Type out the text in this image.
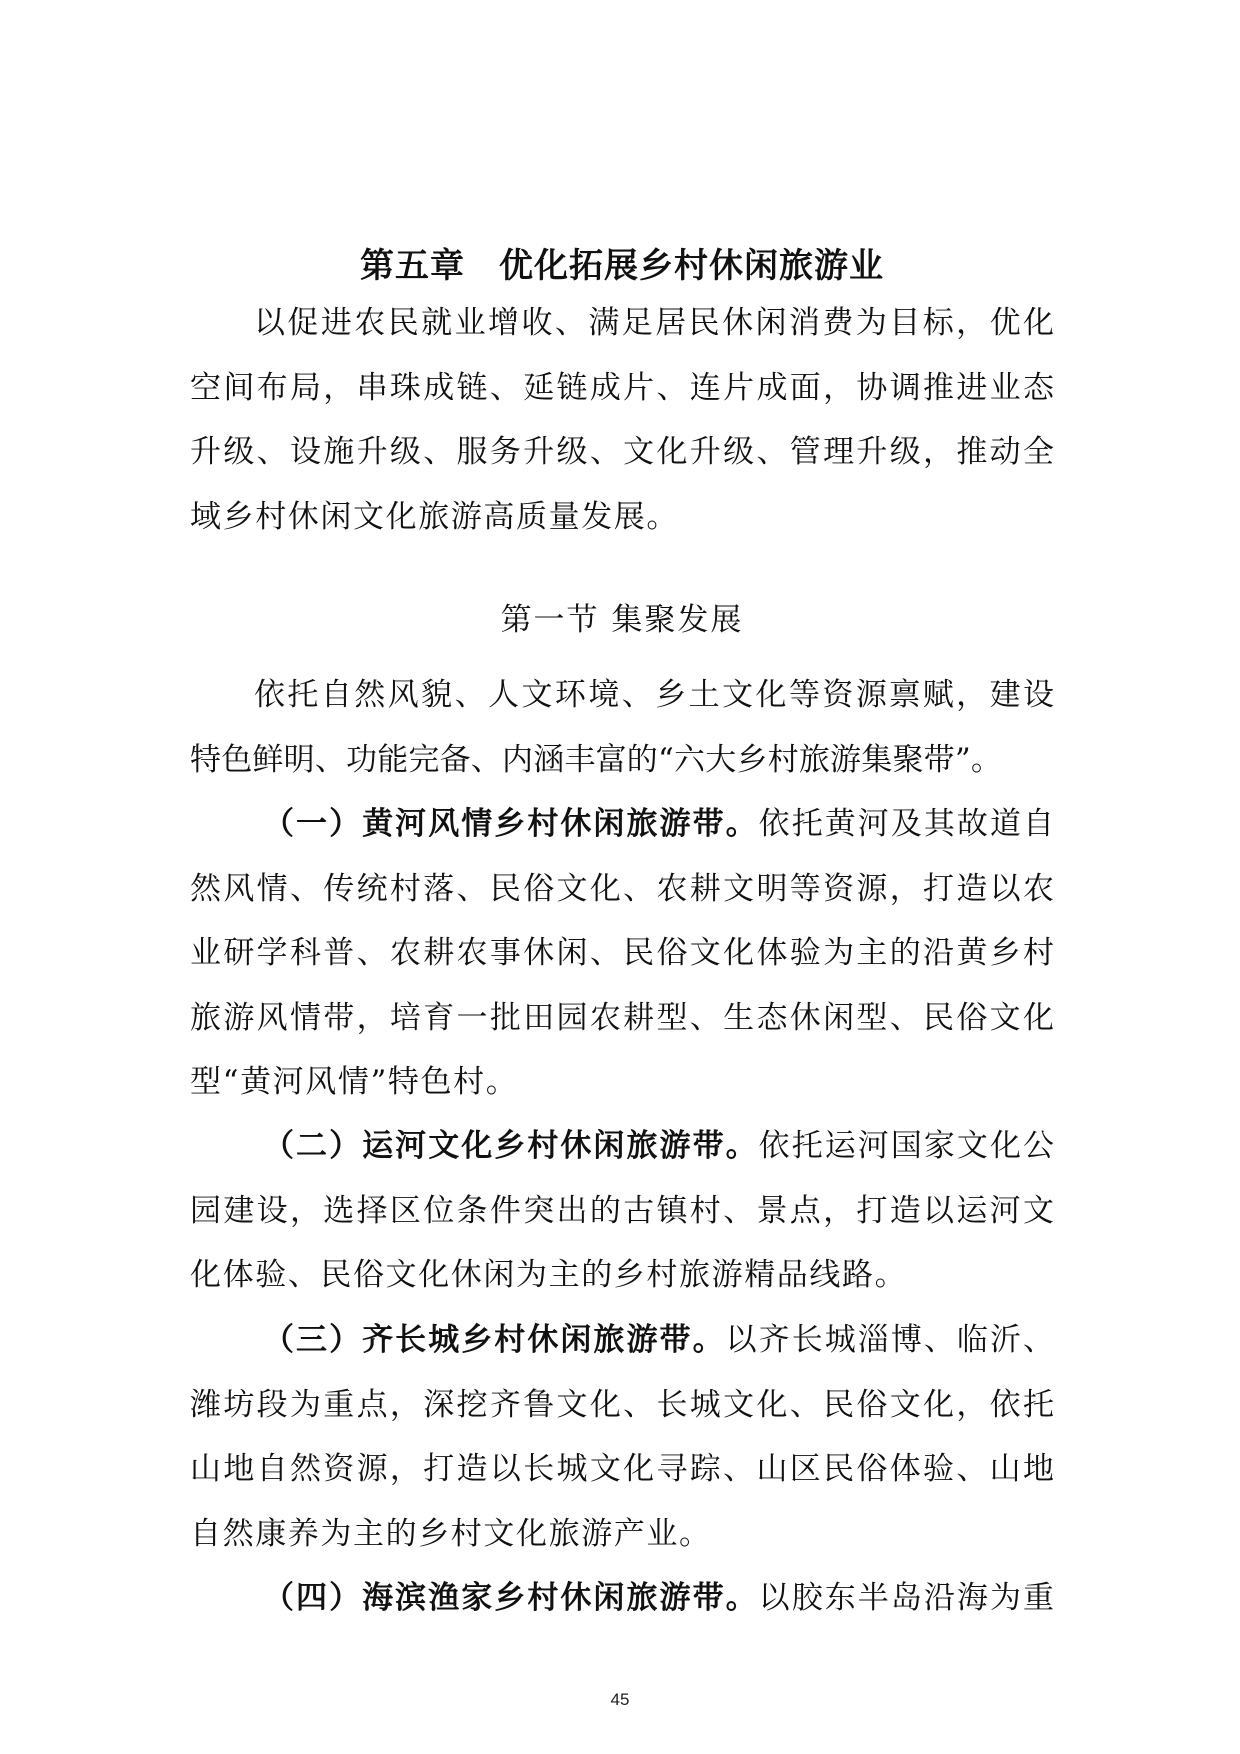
第五章 优化拓展乡村休闲旅游业
以促进农民就业增收、满足居民休闲消费为目标，优化
空间布局，串珠成链、延链成片、连片成面，协调推进业态
升级、设施升级、服务升级、文化升级、管理升级，推动全
域乡村休闲文化旅游高质量发展。
第一节 集聚发展
依托自然风貌、人文环境、乡土文化等资源禀赋，建设
特色鲜明、功能完备、内涵丰富的“六大乡村旅游集聚带”。
（一）黄河风情乡村休闲旅游带。依托黄河及其故道自
然风情、传统村落、民俗文化、农耕文明等资源，打造以农
业研学科普、农耕农事休闲、民俗文化体验为主的沿黄乡村
旅游风情带，培育一批田园农耕型、生态休闲型、民俗文化
型“黄河风情”特色村。
（二）运河文化乡村休闲旅游带。依托运河国家文化公
园建设，选择区位条件突出的古镇村、景点，打造以运河文
化体验、民俗文化休闲为主的乡村旅游精品线路。
（三）齐长城乡村休闲旅游带。以齐长城淄博、临沂、
潍坊段为重点，深挖齐鲁文化、长城文化、民俗文化，依托
山地自然资源，打造以长城文化寻踪、山区民俗体验、山地
自然康养为主的乡村文化旅游产业。
（四）海滨渔家乡村休闲旅游带。以胶东半岛沿海为重
45
